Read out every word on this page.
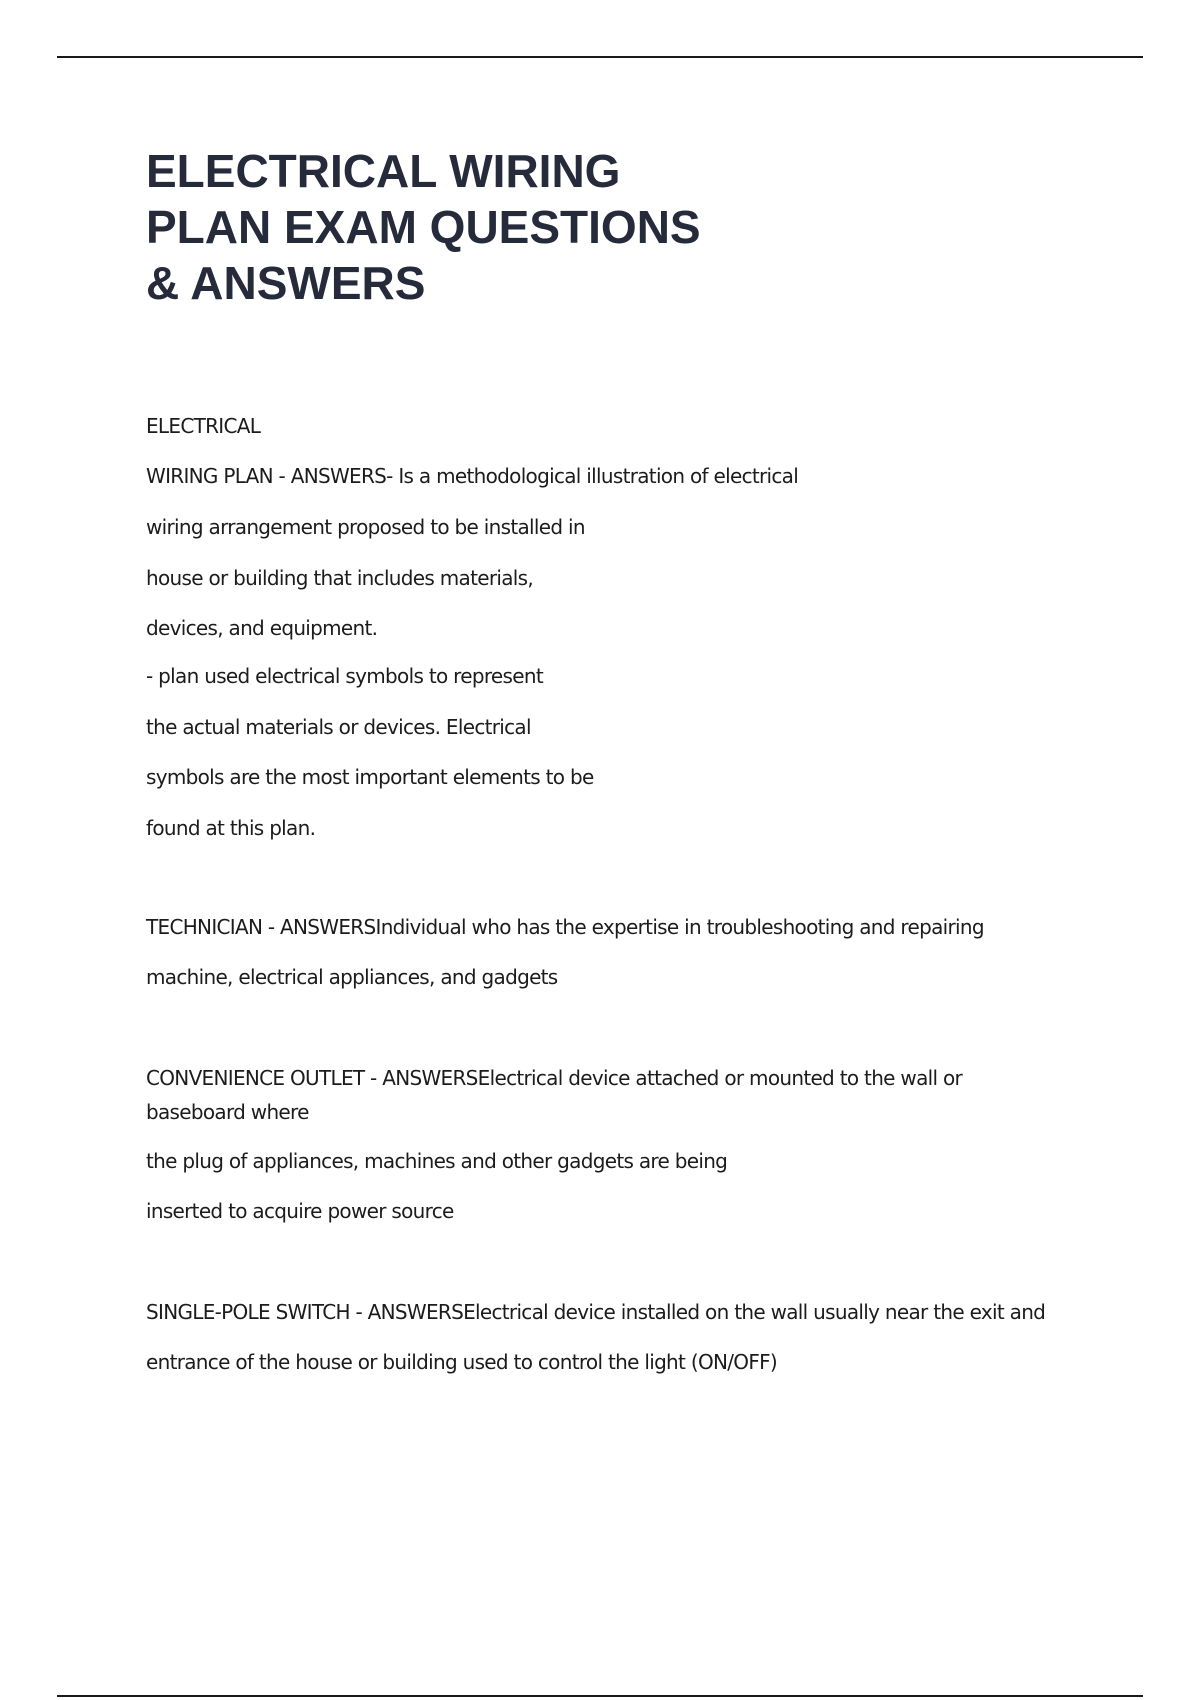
ELECTRICAL WIRING
PLAN EXAM QUESTIONS
& ANSWERS

ELECTRICAL

WIRING PLAN - ANSWERS- Is a methodological illustration of electrical

wiring arrangement proposed to be installed in

house or building that includes materials,

devices, and equipment.

- plan used electrical symbols to represent

the actual materials or devices. Electrical

symbols are the most important elements to be

found at this plan.

TECHNICIAN - ANSWERSIndividual who has the expertise in troubleshooting and repairing

machine, electrical appliances, and gadgets

CONVENIENCE OUTLET - ANSWERSElectrical device attached or mounted to the wall or

baseboard where

the plug of appliances, machines and other gadgets are being

inserted to acquire power source

SINGLE-POLE SWITCH - ANSWERSElectrical device installed on the wall usually near the exit and

entrance of the house or building used to control the light (ON/OFF)
